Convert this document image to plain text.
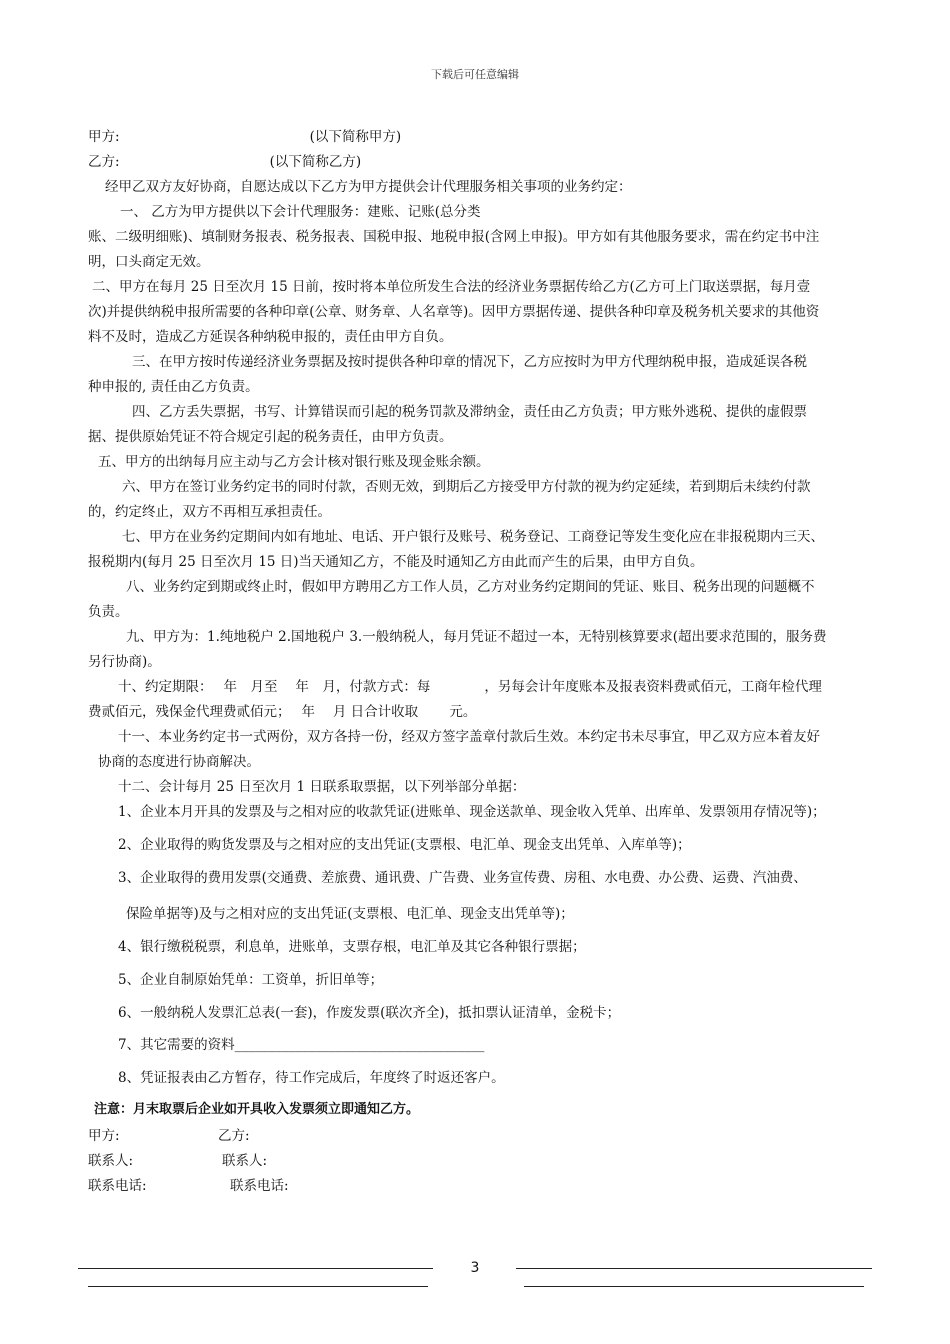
下载后可任意编辑
甲方:	(以下简称甲方)
乙方:	(以下简称乙方)
经甲乙双方友好协商，自愿达成以下乙方为甲方提供会计代理服务相关事项的业务约定：
一、 乙方为甲方提供以下会计代理服务：建账、记账(总分类
账、二级明细账)、填制财务报表、税务报表、国税申报、地税申报(含网上申报)。甲方如有其他服务要求，需在约定书中注
明，口头商定无效。
二、甲方在每月 25 日至次月 15 日前，按时将本单位所发生合法的经济业务票据传给乙方(乙方可上门取送票据，每月壹
次)并提供纳税申报所需要的各种印章(公章、财务章、人名章等)。因甲方票据传递、提供各种印章及税务机关要求的其他资
料不及时，造成乙方延误各种纳税申报的，责任由甲方自负。
三、在甲方按时传递经济业务票据及按时提供各种印章的情况下，乙方应按时为甲方代理纳税申报，造成延误各税
种申报的, 责任由乙方负责。
四、乙方丢失票据，书写、计算错误而引起的税务罚款及滞纳金，责任由乙方负责；甲方账外逃税、提供的虚假票
据、提供原始凭证不符合规定引起的税务责任，由甲方负责。
五、甲方的出纳每月应主动与乙方会计核对银行账及现金账余额。
六、甲方在签订业务约定书的同时付款，否则无效，到期后乙方接受甲方付款的视为约定延续，若到期后未续约付款
的，约定终止，双方不再相互承担责任。
七、甲方在业务约定期间内如有地址、电话、开户银行及账号、税务登记、工商登记等发生变化应在非报税期内三天、
报税期内(每月 25 日至次月 15 日)当天通知乙方，不能及时通知乙方由此而产生的后果，由甲方自负。
八、业务约定到期或终止时，假如甲方聘用乙方工作人员，乙方对业务约定期间的凭证、账目、税务出现的问题概不
负责。
九、甲方为：1.纯地税户 2.国地税户 3.一般纳税人，每月凭证不超过一本，无特别核算要求(超出要求范围的，服务费
另行协商)。
十、约定期限：　 年　月至　 年　月，付款方式：每　　　　，另每会计年度账本及报表资料费贰佰元，工商年检代理
费贰佰元，残保金代理费贰佰元；　 年　 月 日合计收取　　 元。
十一、本业务约定书一式两份，双方各持一份，经双方签字盖章付款后生效。本约定书未尽事宜，甲乙双方应本着友好
协商的态度进行协商解决。
十二、会计每月 25 日至次月 1 日联系取票据，以下列举部分单据：
1、企业本月开具的发票及与之相对应的收款凭证(进账单、现金送款单、现金收入凭单、出库单、发票领用存情况等)；
2、企业取得的购货发票及与之相对应的支出凭证(支票根、电汇单、现金支出凭单、入库单等)；
3、企业取得的费用发票(交通费、差旅费、通讯费、广告费、业务宣传费、房租、水电费、办公费、运费、汽油费、
保险单据等)及与之相对应的支出凭证(支票根、电汇单、现金支出凭单等)；
4、银行缴税税票，利息单，进账单，支票存根，电汇单及其它各种银行票据；
5、企业自制原始凭单：工资单，折旧单等；
6、一般纳税人发票汇总表(一套)，作废发票(联次齐全)，抵扣票认证清单，金税卡；
7、其它需要的资料_____________________________________
8、凭证报表由乙方暂存，待工作完成后，年度终了时返还客户。
注意：月末取票后企业如开具收入发票须立即通知乙方。
甲方:	乙方:
联系人:	联系人:
联系电话:	联系电话:
3
